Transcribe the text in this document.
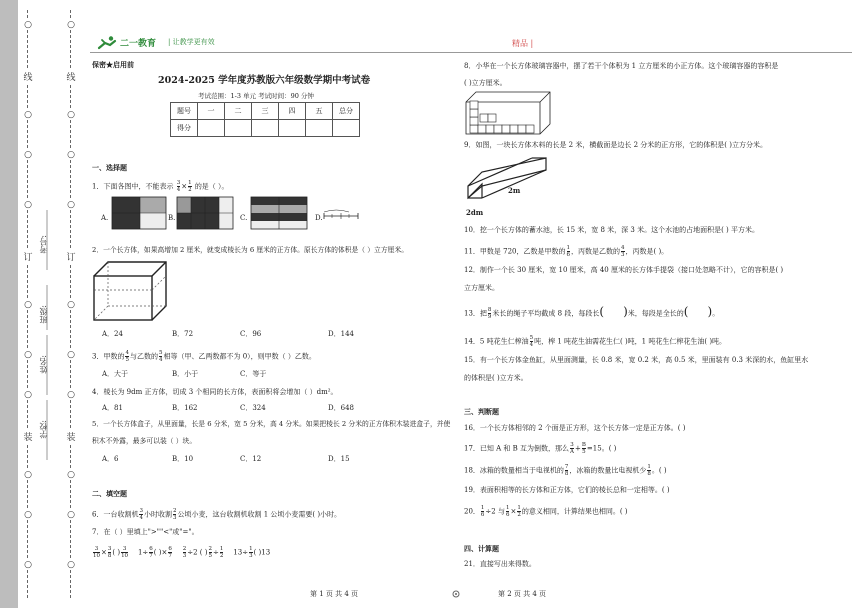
○
线
○
○
○
订
○
○
○
装
○
○
○
○
线
○
○
○
订
○
○
○
装
○
○
○
学校:
姓名:
班级:
考号:
二一教育 | 让教学更有效	精品 |
保密★启用前
2024-2025 学年度苏教版六年级数学期中考试卷
考试范围：1-3 单元 考试时间：90 分钟
题号	一	二	三	四	五	总分
得分						
一、选择题
1．下面各图中，不能表示 $\frac{3}{4} \times \frac{1}{2}$ 的是（ ）。
A.	B.	C.	D.
2．一个长方体，如果高增加 2 厘米，就变成棱长为 6 厘米的正方体。原长方体的体积是（ ）立方厘米。
A．24	B．72	C．96	D．144
3．甲数的 $\frac{4}{5}$ 与乙数的 $\frac{5}{4}$ 相等（甲、乙两数都不为 0），则甲数（ ）乙数。
A．大于	B．小于	C．等于
4．棱长为 9dm 正方体，切成 3 个相同的长方体，表面积将会增加（ ）dm²。
A．81	B．162	C．324	D．648
5．一个长方体盒子，从里面量，长是 6 分米，宽 5 分米，高 4 分米。如果把棱长 2 分米的正方体积木装进盒子，并使
积木不外露，最多可以装（ ）块。
A．6	B．10	C．12	D．15
二、填空题
6．一台收割机 $\frac{3}{4}$ 小时收割 $\frac{2}{3}$ 公顷小麦，这台收割机收割 1 公顷小麦需要( )小时。
7．在（ ）里填上">""<"或"="。
$\frac{3}{10} \times \frac{3}{8}$ ( ) $\frac{3}{10} 1\div \frac{6}{7}$ ( )× $\frac{6}{7}$
$\frac{2}{3} \div 2$ ( ) $\frac{2}{5} \div \frac{1}{2} 13\div \frac{1}{3}$ ( )13
第 1 页 共 4 页
8．小华在一个长方体玻璃容器中，摆了若干个体积为 1 立方厘米的小正方体。这个玻璃容器的容积是
( )立方厘米。
9．如图，一块长方体木料的长是 2 米，横截面是边长 2 分米的正方形，它的体积是( )立方分米。
2m
2dm
10．挖一个长方体的蓄水池，长 15 米，宽 8 米，深 3 米。这个水池的占地面积是( ) 平方米。
11．甲数是 720，乙数是甲数的 $\frac{1}{6}$ ，丙数是乙数的 $\frac{4}{3}$ ，丙数是( )。
12．制作一个长 30 厘米，宽 10 厘米，高 40 厘米的长方体手提袋（接口处忽略不计），它的容积是( )
立方厘米。
13．把 $\frac{8}{9}$ 米长的绳子平均截成 8 段，每段长(     )米，每段是全长的(     )。
14．5 吨花生仁榨油 $\frac{5}{4}$ 吨，榨 1 吨花生油需花生仁( )吨，1 吨花生仁榨花生油( )吨。
15．有一个长方体金鱼缸，从里面测量，长 0.8 米，宽 0.2 米，高 0.5 米，里面装有 0.3 米深的水，鱼缸里水
的体积是( )立方米。
三、判断题
16．一个长方体相邻的 2 个面是正方形，这个长方体一定是正方体。( )
17．已知 A 和 B 互为倒数，那么 $\frac{3}{A} + \frac{B}{5} =15$。( )
18．冰箱的数量相当于电视机的 $\frac{7}{8}$ ，冰箱的数量比电视机少 $\frac{1}{8}$ 。( )
19．表面积相等的长方体和正方体，它们的棱长总和一定相等。( )
20． $\frac{1}{6} \div 2$ 与 $\frac{1}{6} \times \frac{1}{2}$ 的意义相同，计算结果也相同。( )
四、计算题
21．直接写出来得数。
第 2 页 共 4 页
